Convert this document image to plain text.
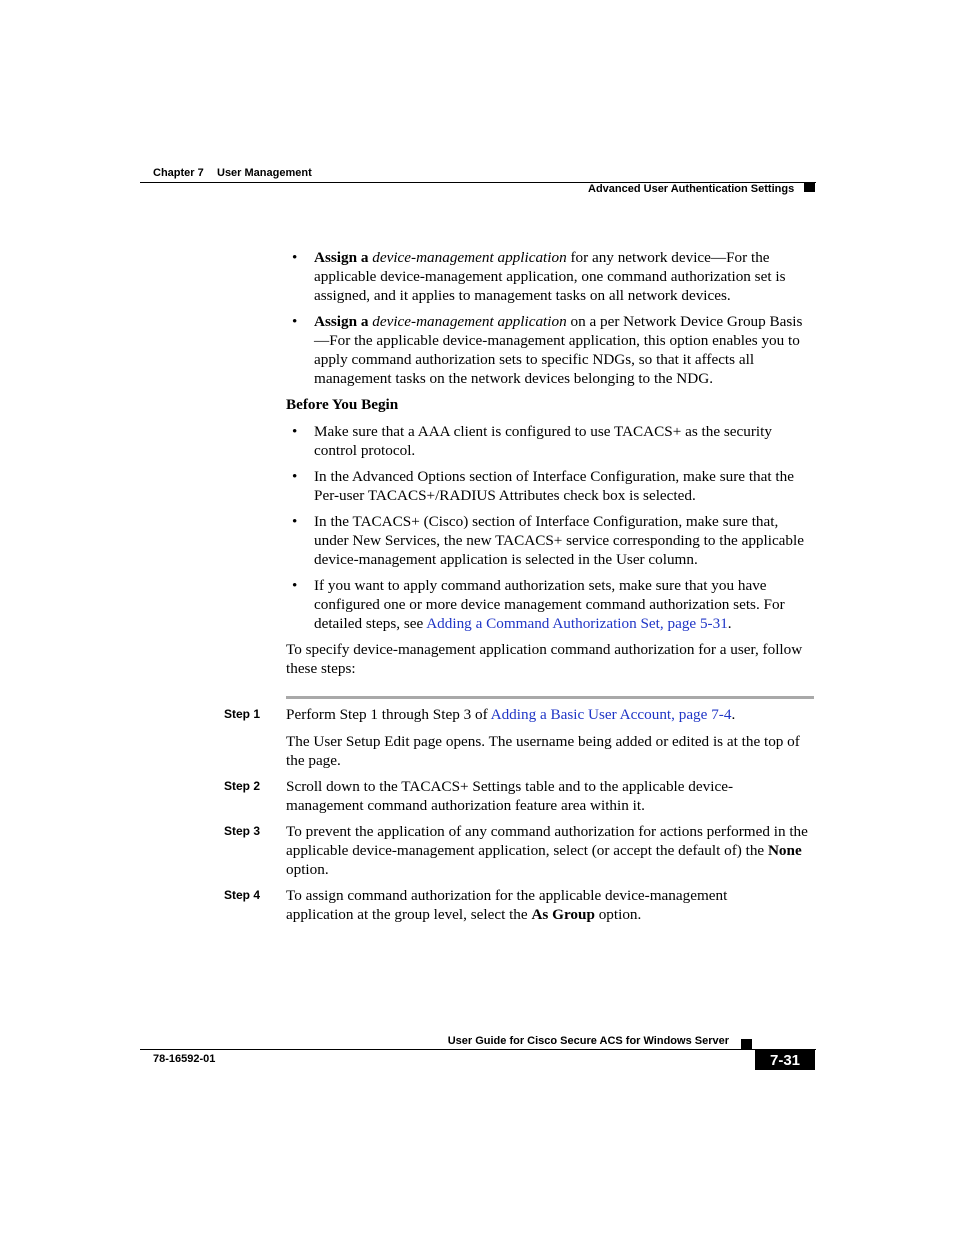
Chapter 7 User Management
Advanced User Authentication Settings
• Assign a device-management application for any network device—For the applicable device-management application, one command authorization set is assigned, and it applies to management tasks on all network devices.
• Assign a device-management application on a per Network Device Group Basis—For the applicable device-management application, this option enables you to apply command authorization sets to specific NDGs, so that it affects all management tasks on the network devices belonging to the NDG.
Before You Begin
• Make sure that a AAA client is configured to use TACACS+ as the security control protocol.
• In the Advanced Options section of Interface Configuration, make sure that the Per-user TACACS+/RADIUS Attributes check box is selected.
• In the TACACS+ (Cisco) section of Interface Configuration, make sure that, under New Services, the new TACACS+ service corresponding to the applicable device-management application is selected in the User column.
• If you want to apply command authorization sets, make sure that you have configured one or more device management command authorization sets. For detailed steps, see Adding a Command Authorization Set, page 5-31.
To specify device-management application command authorization for a user, follow these steps:
Step 1 Perform Step 1 through Step 3 of Adding a Basic User Account, page 7-4.
The User Setup Edit page opens. The username being added or edited is at the top of the page.
Step 2 Scroll down to the TACACS+ Settings table and to the applicable device-management command authorization feature area within it.
Step 3 To prevent the application of any command authorization for actions performed in the applicable device-management application, select (or accept the default of) the None option.
Step 4 To assign command authorization for the applicable device-management application at the group level, select the As Group option.
User Guide for Cisco Secure ACS for Windows Server
78-16592-01	7-31
